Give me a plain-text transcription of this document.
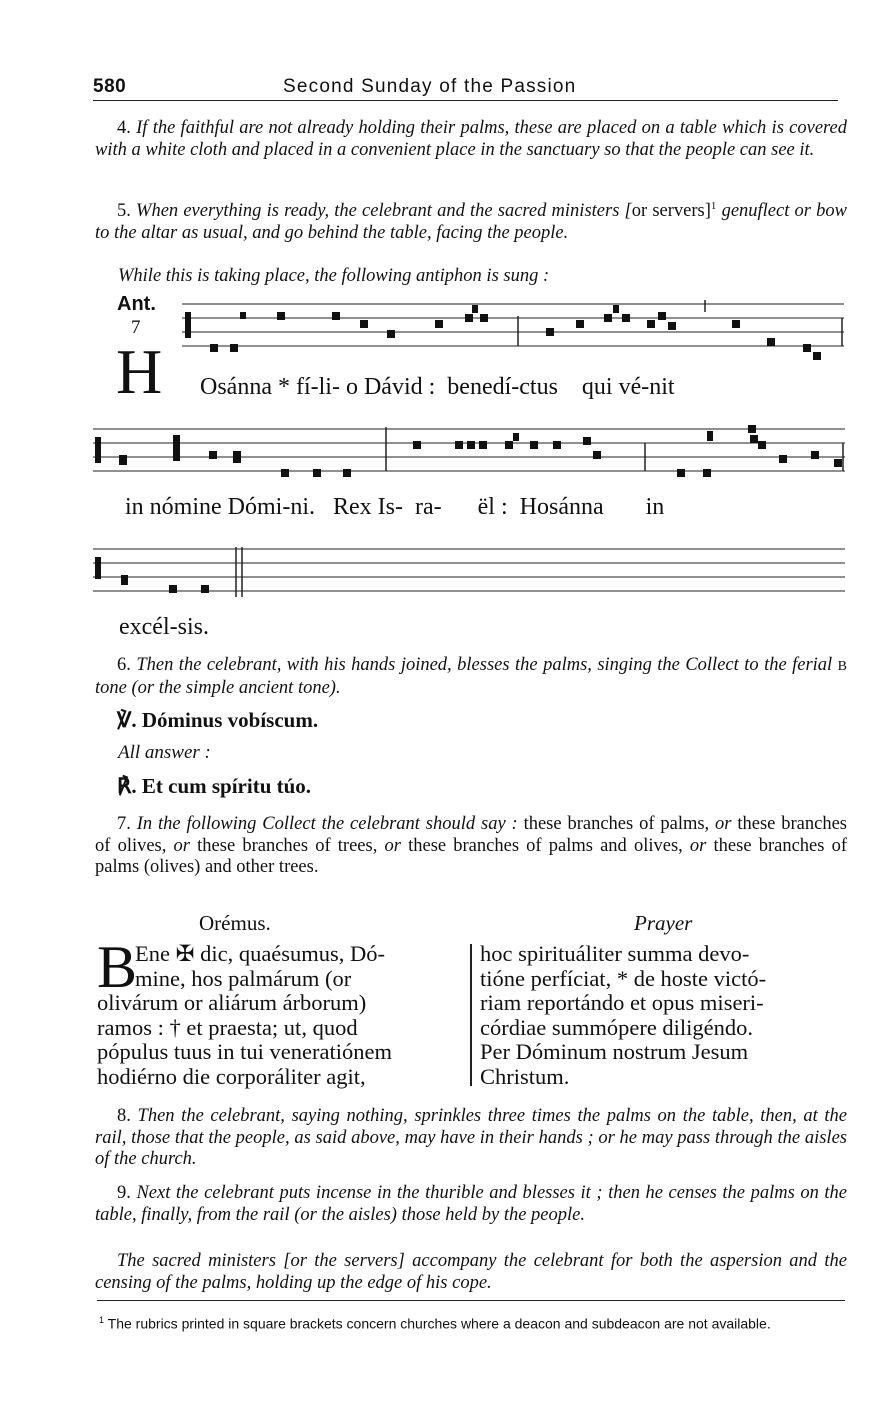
580	Second Sunday of the Passion
4. If the faithful are not already holding their palms, these are placed on a table which is covered with a white cloth and placed in a convenient place in the sanctuary so that the people can see it.
5. When everything is ready, the celebrant and the sacred ministers [or servers]$^1$ genuflect or bow to the altar as usual, and go behind the table, facing the people.
While this is taking place, the following antiphon is sung :
Ant.
7
H Osánna * fí-li- o Dávid : benedí-ctus qui vé-nit
in nómine Dómi-ni. Rex Is- ra- ël : Hosánna in
excél-sis.
6. Then the celebrant, with his hands joined, blesses the palms, singing the Collect to the ferial B tone (or the simple ancient tone).
℣. Dóminus vobíscum.
All answer :
℟. Et cum spíritu túo.
7. In the following Collect the celebrant should say : these branches of palms, or these branches of olives, or these branches of trees, or these branches of palms and olives, or these branches of palms (olives) and other trees.
Orémus.	Prayer
B
Ene ✠ dic, quaésumus, Dó-
mine, hos palmárum (or
olivárum or aliárum árborum)
ramos : † et praesta; ut, quod
pópulus tuus in tui veneratiónem
hodiérno die corporáliter agit,
hoc spirituáliter summa devo-
tióne perfíciat, * de hoste victó-
riam reportándo et opus miseri-
córdiae summópere diligéndo.
Per Dóminum nostrum Jesum
Christum.
8. Then the celebrant, saying nothing, sprinkles three times the palms on the table, then, at the rail, those that the people, as said above, may have in their hands ; or he may pass through the aisles of the church.
9. Next the celebrant puts incense in the thurible and blesses it ; then he censes the palms on the table, finally, from the rail (or the aisles) those held by the people.
The sacred ministers [or the servers] accompany the celebrant for both the aspersion and the censing of the palms, holding up the edge of his cope.
$^1$ The rubrics printed in square brackets concern churches where a deacon and subdeacon are not available.
